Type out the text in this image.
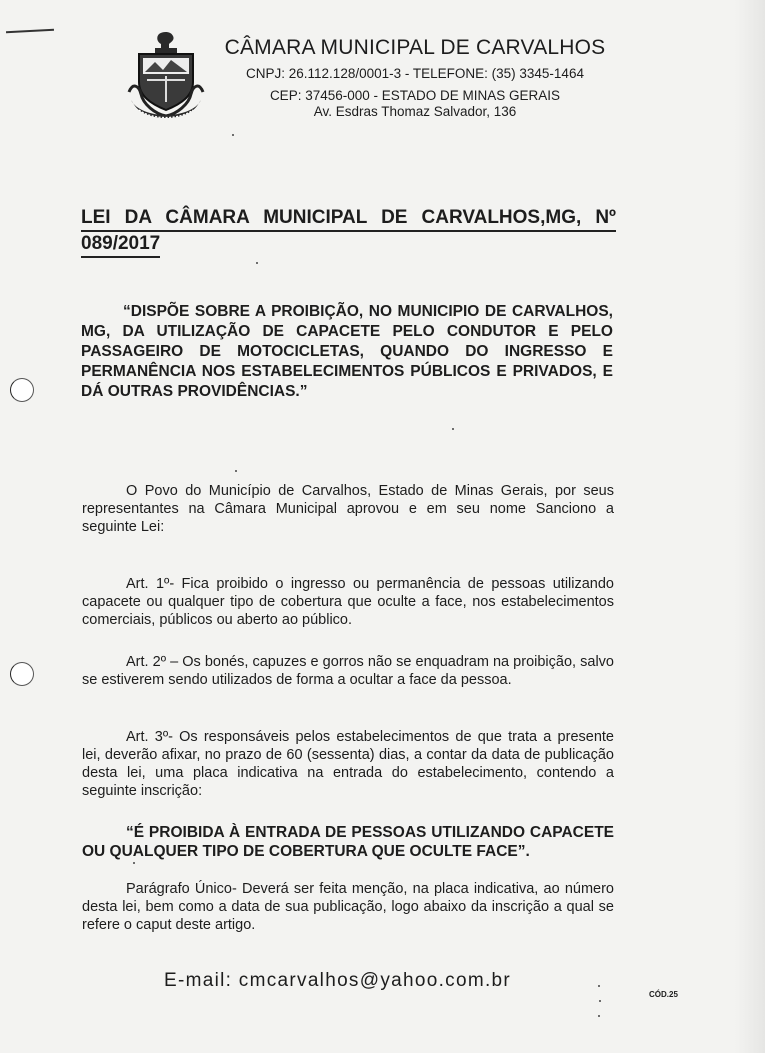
CÂMARA MUNICIPAL DE CARVALHOS
CNPJ: 26.112.128/0001-3 - TELEFONE: (35) 3345-1464
CEP: 37456-000 - ESTADO DE MINAS GERAIS
Av. Esdras Thomaz Salvador, 136
LEI DA CÂMARA MUNICIPAL DE CARVALHOS,MG, Nº
089/2017
“DISPÕE SOBRE A PROIBIÇÃO, NO MUNICIPIO DE CARVALHOS, MG, DA UTILIZAÇÃO DE CAPACETE PELO CONDUTOR E PELO PASSAGEIRO DE MOTOCICLETAS, QUANDO DO INGRESSO E PERMANÊNCIA NOS ESTABELECIMENTOS PÚBLICOS E PRIVADOS, E DÁ OUTRAS PROVIDÊNCIAS.”
O Povo do Município de Carvalhos, Estado de Minas Gerais, por seus representantes na Câmara Municipal aprovou e em seu nome Sanciono a seguinte Lei:
Art. 1º- Fica proibido o ingresso ou permanência de pessoas utilizando capacete ou qualquer tipo de cobertura que oculte a face, nos estabelecimentos comerciais, públicos ou aberto ao público.
Art. 2º – Os bonés, capuzes e gorros não se enquadram na proibição, salvo se estiverem sendo utilizados de forma a ocultar a face da pessoa.
Art. 3º- Os responsáveis pelos estabelecimentos de que trata a presente lei, deverão afixar, no prazo de 60 (sessenta) dias, a contar da data de publicação desta lei, uma placa indicativa na entrada do estabelecimento, contendo a seguinte inscrição:
“É PROIBIDA À ENTRADA DE PESSOAS UTILIZANDO CAPACETE OU QUALQUER TIPO DE COBERTURA QUE OCULTE FACE”.
Parágrafo Único- Deverá ser feita menção, na placa indicativa, ao número desta lei, bem como a data de sua publicação, logo abaixo da inscrição a qual se refere o caput deste artigo.
E-mail: cmcarvalhos@yahoo.com.br
CÓD.25
